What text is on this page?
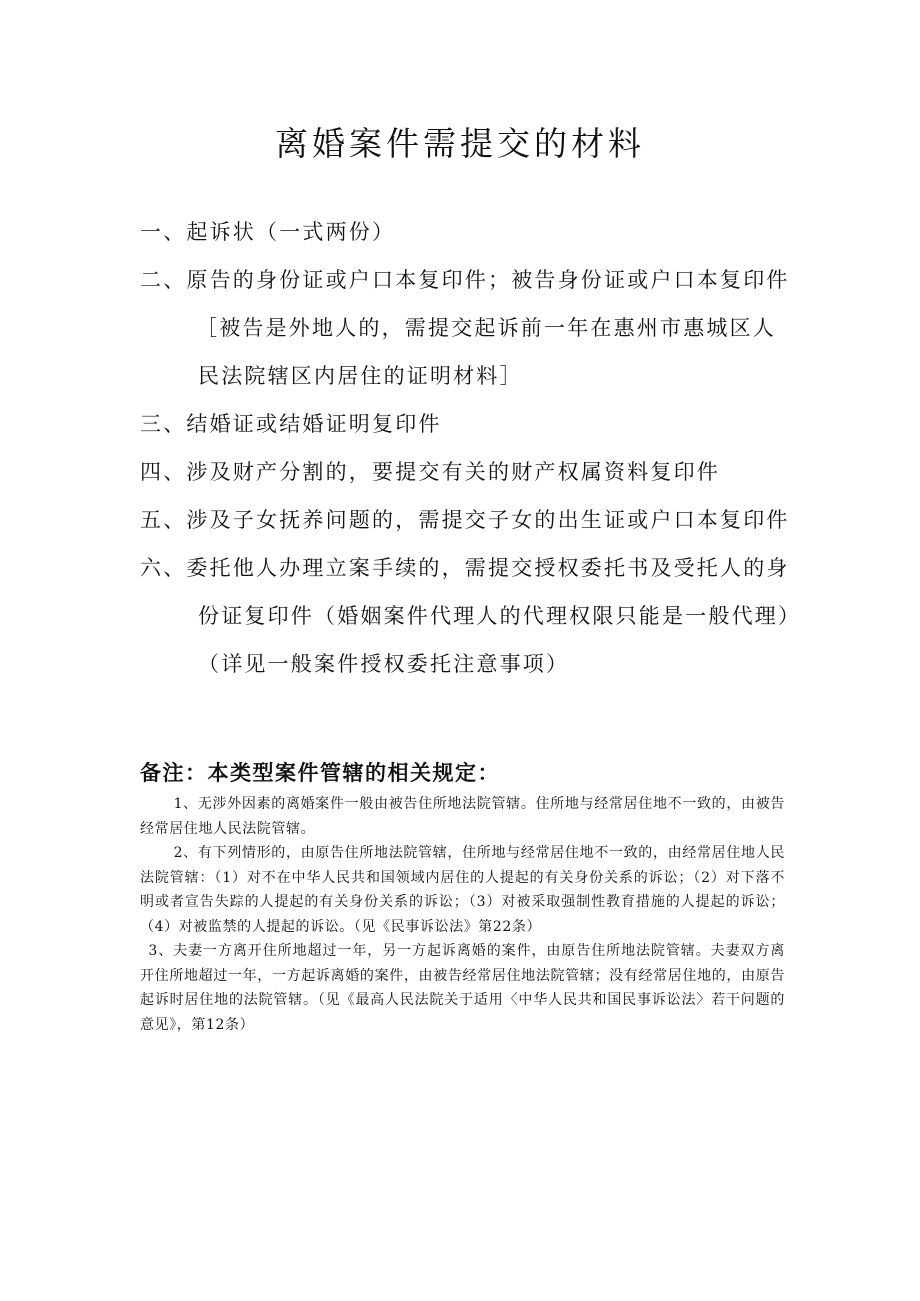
离婚案件需提交的材料
一、起诉状（一式两份）
二、原告的身份证或户口本复印件；被告身份证或户口本复印件
［被告是外地人的，需提交起诉前一年在惠州市惠城区人
民法院辖区内居住的证明材料］
三、结婚证或结婚证明复印件
四、涉及财产分割的，要提交有关的财产权属资料复印件
五、涉及子女抚养问题的，需提交子女的出生证或户口本复印件
六、委托他人办理立案手续的，需提交授权委托书及受托人的身
份证复印件（婚姻案件代理人的代理权限只能是一般代理）
（详见一般案件授权委托注意事项）
备注：本类型案件管辖的相关规定：

1、无涉外因素的离婚案件一般由被告住所地法院管辖。住所地与经常居住地不一致的，由被告经常居住地人民法院管辖。

2、有下列情形的，由原告住所地法院管辖，住所地与经常居住地不一致的，由经常居住地人民法院管辖：（1）对不在中华人民共和国领域内居住的人提起的有关身份关系的诉讼；（2）对下落不明或者宣告失踪的人提起的有关身份关系的诉讼；（3）对被采取强制性教育措施的人提起的诉讼；（4）对被监禁的人提起的诉讼。（见《民事诉讼法》第22条）

3、夫妻一方离开住所地超过一年，另一方起诉离婚的案件，由原告住所地法院管辖。夫妻双方离开住所地超过一年，一方起诉离婚的案件，由被告经常居住地法院管辖；没有经常居住地的，由原告起诉时居住地的法院管辖。（见《最高人民法院关于适用〈中华人民共和国民事诉讼法〉若干问题的意见》，第12条）
